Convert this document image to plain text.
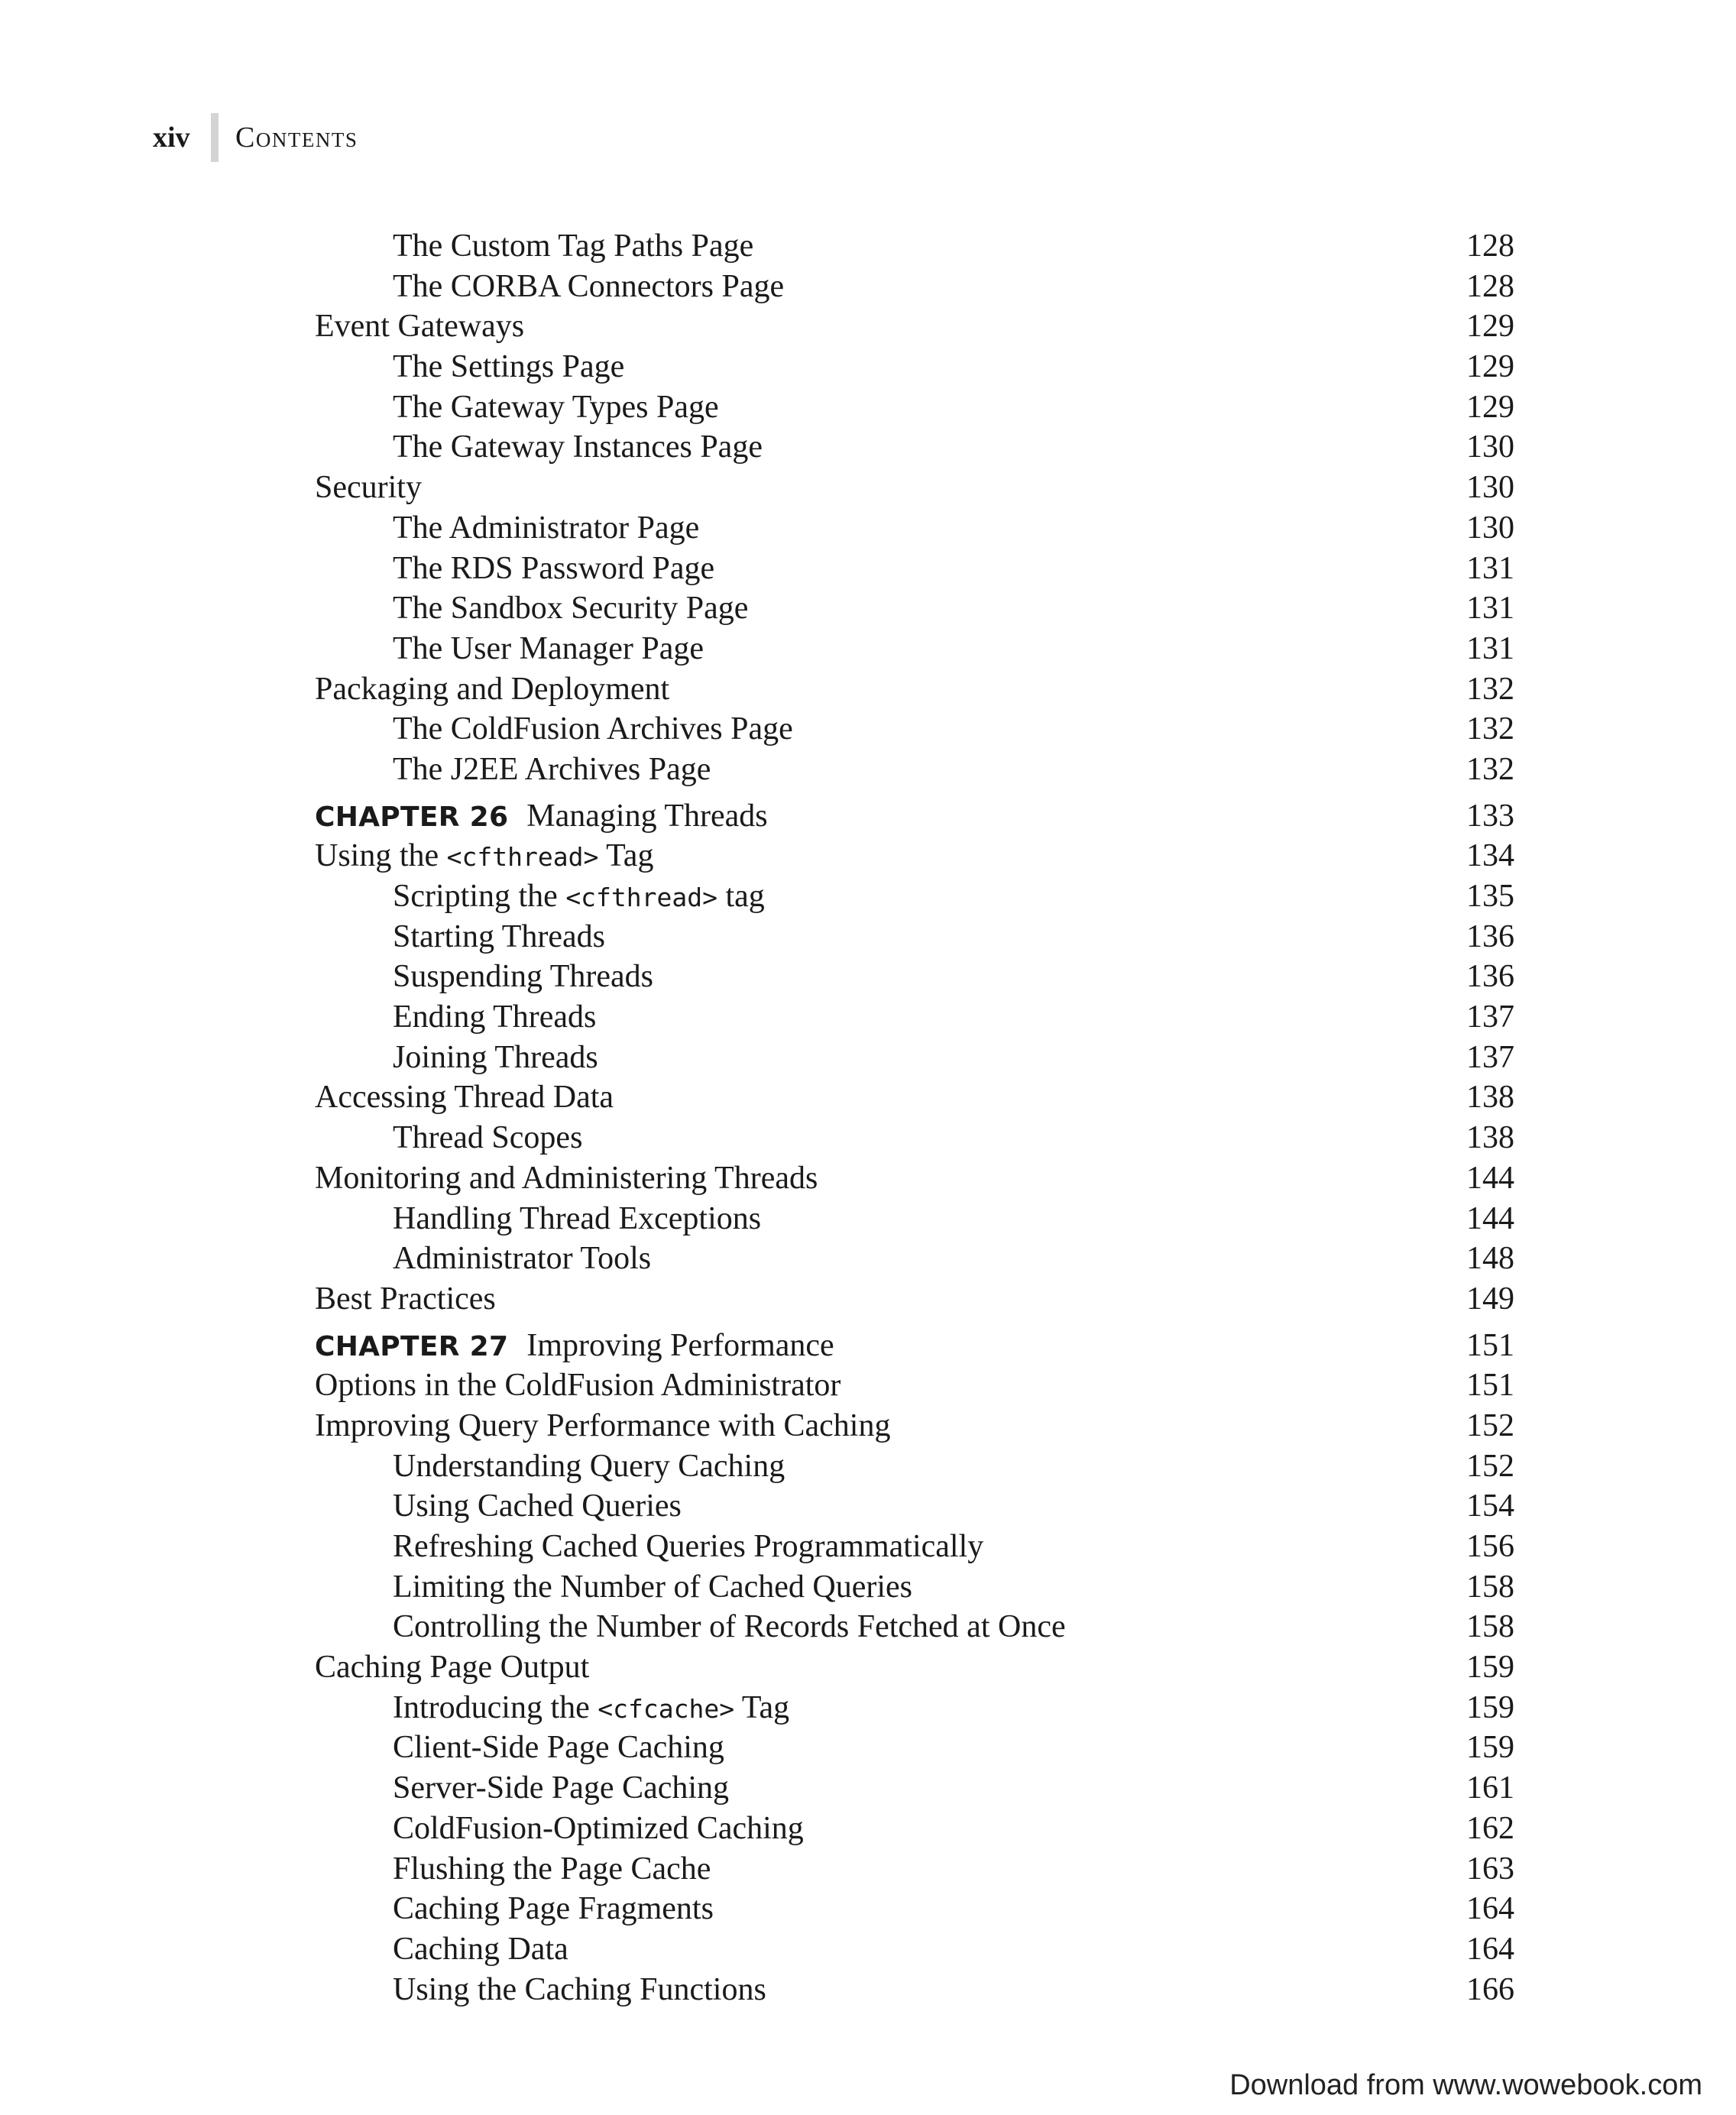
xiv	Contents
The Custom Tag Paths Page	128
The CORBA Connectors Page	128
Event Gateways	129
The Settings Page	129
The Gateway Types Page	129
The Gateway Instances Page	130
Security	130
The Administrator Page	130
The RDS Password Page	131
The Sandbox Security Page	131
The User Manager Page	131
Packaging and Deployment	132
The ColdFusion Archives Page	132
The J2EE Archives Page	132
CHAPTER 26 Managing Threads	133
Using the <cfthread> Tag	134
Scripting the <cfthread> tag	135
Starting Threads	136
Suspending Threads	136
Ending Threads	137
Joining Threads	137
Accessing Thread Data	138
Thread Scopes	138
Monitoring and Administering Threads	144
Handling Thread Exceptions	144
Administrator Tools	148
Best Practices	149
CHAPTER 27 Improving Performance	151
Options in the ColdFusion Administrator	151
Improving Query Performance with Caching	152
Understanding Query Caching	152
Using Cached Queries	154
Refreshing Cached Queries Programmatically	156
Limiting the Number of Cached Queries	158
Controlling the Number of Records Fetched at Once	158
Caching Page Output	159
Introducing the <cfcache> Tag	159
Client-Side Page Caching	159
Server-Side Page Caching	161
ColdFusion-Optimized Caching	162
Flushing the Page Cache	163
Caching Page Fragments	164
Caching Data	164
Using the Caching Functions	166
Download from www.wowebook.com
